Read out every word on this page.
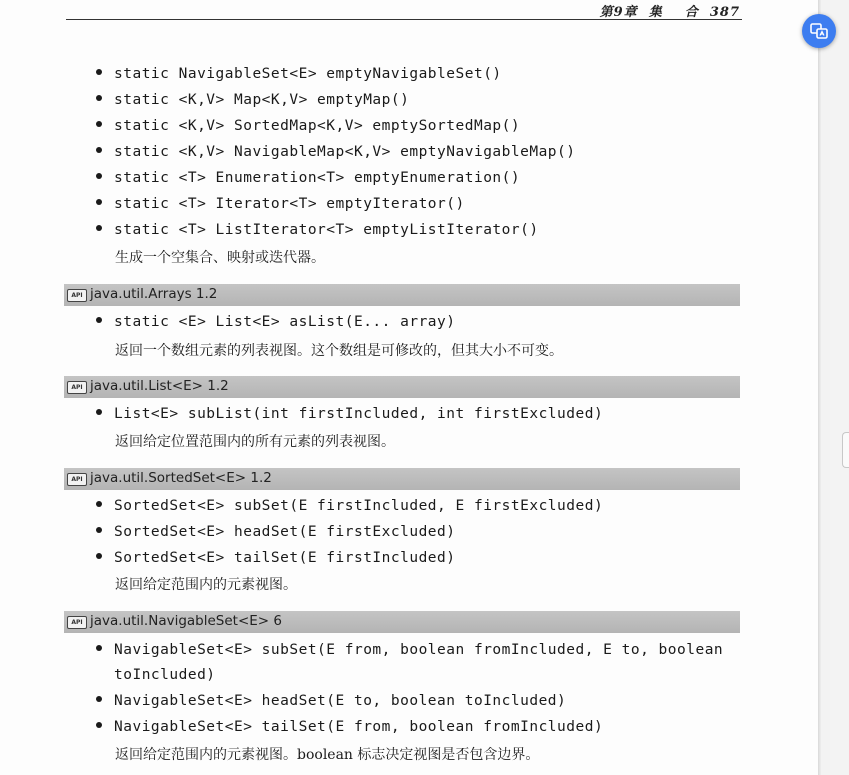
第9章  集    合  387
static NavigableSet<E> emptyNavigableSet()
static <K,V> Map<K,V> emptyMap()
static <K,V> SortedMap<K,V> emptySortedMap()
static <K,V> NavigableMap<K,V> emptyNavigableMap()
static <T> Enumeration<T> emptyEnumeration()
static <T> Iterator<T> emptyIterator()
static <T> ListIterator<T> emptyListIterator()
生成一个空集合、映射或迭代器。
API java.util.Arrays 1.2
static <E> List<E> asList(E... array)
返回一个数组元素的列表视图。这个数组是可修改的，但其大小不可变。
API java.util.List<E> 1.2
List<E> subList(int firstIncluded, int firstExcluded)
返回给定位置范围内的所有元素的列表视图。
API java.util.SortedSet<E> 1.2
SortedSet<E> subSet(E firstIncluded, E firstExcluded)
SortedSet<E> headSet(E firstExcluded)
SortedSet<E> tailSet(E firstIncluded)
返回给定范围内的元素视图。
API java.util.NavigableSet<E> 6
NavigableSet<E> subSet(E from, boolean fromIncluded, E to, boolean
toIncluded)
NavigableSet<E> headSet(E to, boolean toIncluded)
NavigableSet<E> tailSet(E from, boolean fromIncluded)
返回给定范围内的元素视图。boolean 标志决定视图是否包含边界。
